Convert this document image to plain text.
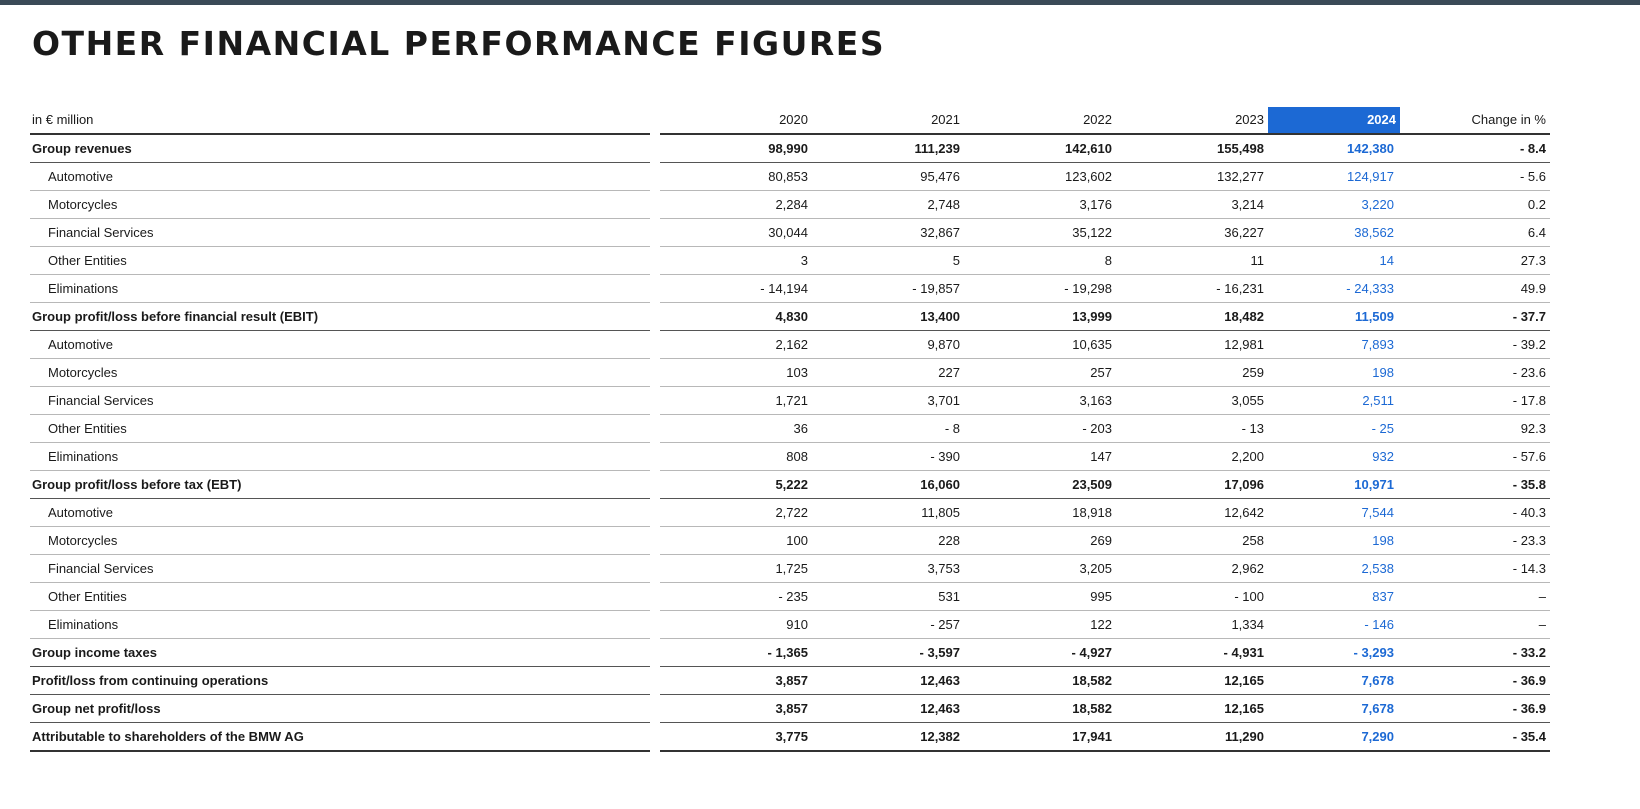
OTHER FINANCIAL PERFORMANCE FIGURES
in € million		2020	2021	2022	2023	2024	Change in %
Group revenues		98,990	111,239	142,610	155,498	142,380	- 8.4
Automotive		80,853	95,476	123,602	132,277	124,917	- 5.6
Motorcycles		2,284	2,748	3,176	3,214	3,220	0.2
Financial Services		30,044	32,867	35,122	36,227	38,562	6.4
Other Entities		3	5	8	11	14	27.3
Eliminations		- 14,194	- 19,857	- 19,298	- 16,231	- 24,333	49.9
Group profit/loss before financial result (EBIT)		4,830	13,400	13,999	18,482	11,509	- 37.7
Automotive		2,162	9,870	10,635	12,981	7,893	- 39.2
Motorcycles		103	227	257	259	198	- 23.6
Financial Services		1,721	3,701	3,163	3,055	2,511	- 17.8
Other Entities		36	- 8	- 203	- 13	- 25	92.3
Eliminations		808	- 390	147	2,200	932	- 57.6
Group profit/loss before tax (EBT)		5,222	16,060	23,509	17,096	10,971	- 35.8
Automotive		2,722	11,805	18,918	12,642	7,544	- 40.3
Motorcycles		100	228	269	258	198	- 23.3
Financial Services		1,725	3,753	3,205	2,962	2,538	- 14.3
Other Entities		- 235	531	995	- 100	837	–
Eliminations		910	- 257	122	1,334	- 146	–
Group income taxes		- 1,365	- 3,597	- 4,927	- 4,931	- 3,293	- 33.2
Profit/loss from continuing operations		3,857	12,463	18,582	12,165	7,678	- 36.9
Group net profit/loss		3,857	12,463	18,582	12,165	7,678	- 36.9
Attributable to shareholders of the BMW AG		3,775	12,382	17,941	11,290	7,290	- 35.4
